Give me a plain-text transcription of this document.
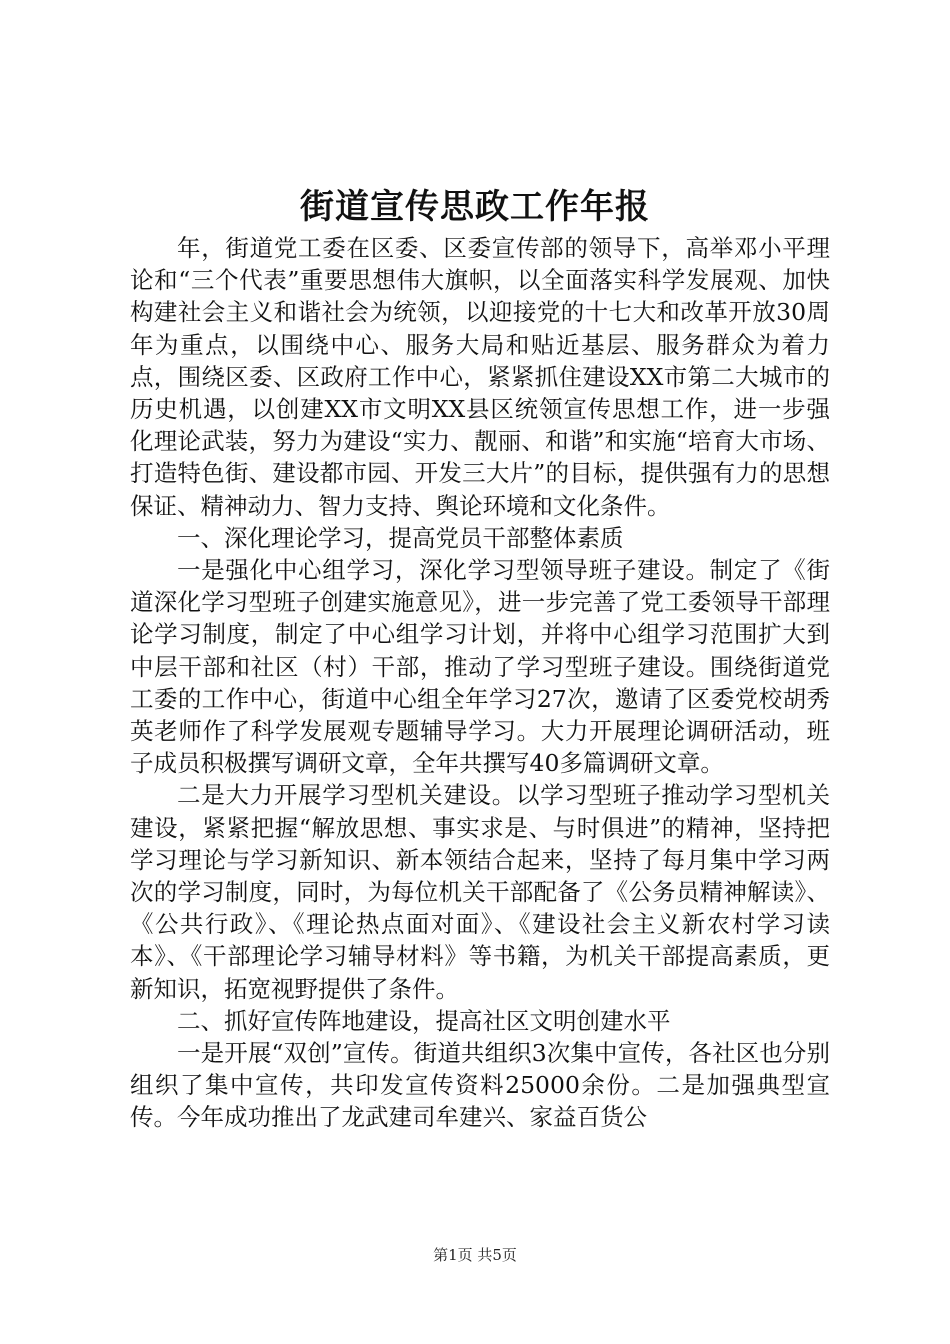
街道宣传思政工作年报

年，街道党工委在区委、区委宣传部的领导下，高举邓小平理论和“三个代表”重要思想伟大旗帜，以全面落实科学发展观、加快构建社会主义和谐社会为统领，以迎接党的十七大和改革开放30周年为重点，以围绕中心、服务大局和贴近基层、服务群众为着力点，围绕区委、区政府工作中心，紧紧抓住建设XX市第二大城市的历史机遇，以创建XX市文明XX县区统领宣传思想工作，进一步强化理论武装，努力为建设“实力、靓丽、和谐”和实施“培育大市场、打造特色街、建设都市园、开发三大片”的目标，提供强有力的思想保证、精神动力、智力支持、舆论环境和文化条件。

一、深化理论学习，提高党员干部整体素质

一是强化中心组学习，深化学习型领导班子建设。制定了《街道深化学习型班子创建实施意见》，进一步完善了党工委领导干部理论学习制度，制定了中心组学习计划，并将中心组学习范围扩大到中层干部和社区（村）干部，推动了学习型班子建设。围绕街道党工委的工作中心，街道中心组全年学习27次，邀请了区委党校胡秀英老师作了科学发展观专题辅导学习。大力开展理论调研活动，班子成员积极撰写调研文章，全年共撰写40多篇调研文章。

二是大力开展学习型机关建设。以学习型班子推动学习型机关建设，紧紧把握“解放思想、事实求是、与时俱进”的精神，坚持把学习理论与学习新知识、新本领结合起来，坚持了每月集中学习两次的学习制度，同时，为每位机关干部配备了《公务员精神解读》、《公共行政》、《理论热点面对面》、《建设社会主义新农村学习读本》、《干部理论学习辅导材料》等书籍，为机关干部提高素质，更新知识，拓宽视野提供了条件。

二、抓好宣传阵地建设，提高社区文明创建水平

一是开展“双创”宣传。街道共组织3次集中宣传，各社区也分别组织了集中宣传，共印发宣传资料25000余份。二是加强典型宣传。今年成功推出了龙武建司牟建兴、家益百货公

第1页 共5页
